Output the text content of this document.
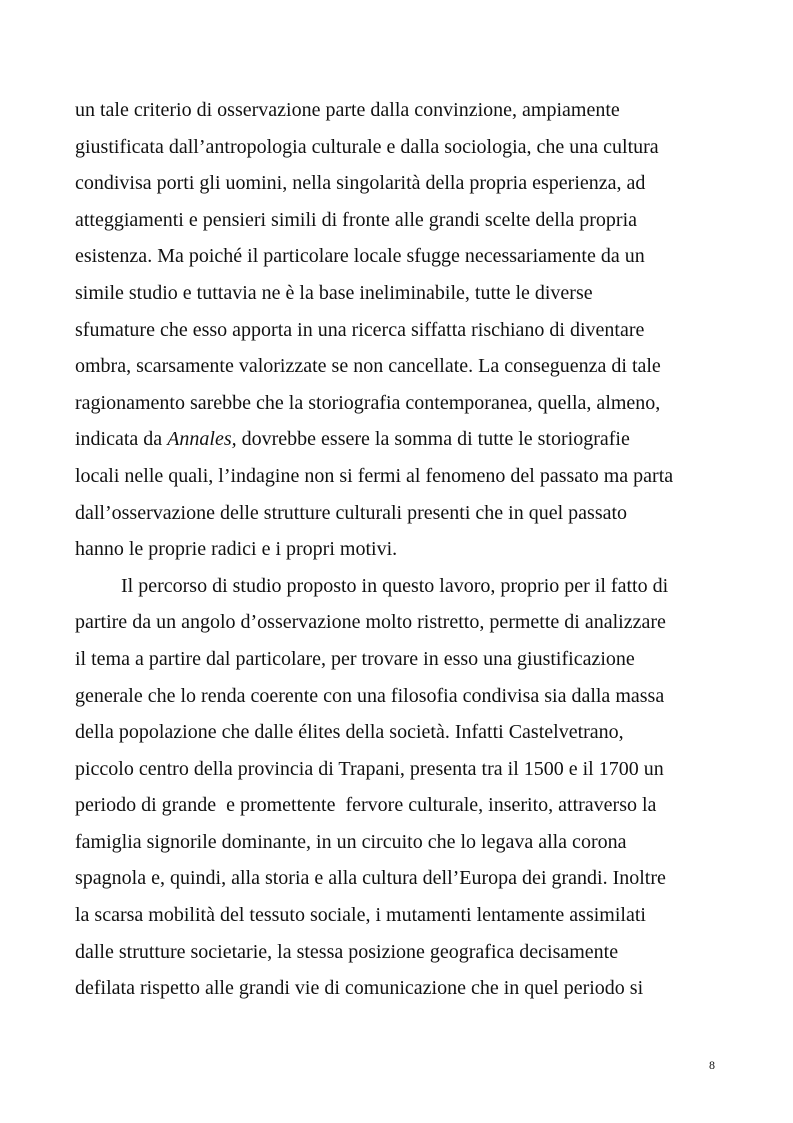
un tale criterio di osservazione parte dalla convinzione, ampiamente
giustificata dall’antropologia culturale e dalla sociologia, che una cultura
condivisa porti gli uomini, nella singolarità della propria esperienza, ad
atteggiamenti e pensieri simili di fronte alle grandi scelte della propria
esistenza. Ma poiché il particolare locale sfugge necessariamente da un
simile studio e tuttavia ne è la base ineliminabile, tutte le diverse
sfumature che esso apporta in una ricerca siffatta rischiano di diventare
ombra, scarsamente valorizzate se non cancellate. La conseguenza di tale
ragionamento sarebbe che la storiografia contemporanea, quella, almeno,
indicata da Annales, dovrebbe essere la somma di tutte le storiografie
locali nelle quali, l’indagine non si fermi al fenomeno del passato ma parta
dall’osservazione delle strutture culturali presenti che in quel passato
hanno le proprie radici e i propri motivi.
Il percorso di studio proposto in questo lavoro, proprio per il fatto di
partire da un angolo d’osservazione molto ristretto, permette di analizzare
il tema a partire dal particolare, per trovare in esso una giustificazione
generale che lo renda coerente con una filosofia condivisa sia dalla massa
della popolazione che dalle élites della società. Infatti Castelvetrano,
piccolo centro della provincia di Trapani, presenta tra il 1500 e il 1700 un
periodo di grande  e promettente  fervore culturale, inserito, attraverso la
famiglia signorile dominante, in un circuito che lo legava alla corona
spagnola e, quindi, alla storia e alla cultura dell’Europa dei grandi. Inoltre
la scarsa mobilità del tessuto sociale, i mutamenti lentamente assimilati
dalle strutture societarie, la stessa posizione geografica decisamente
defilata rispetto alle grandi vie di comunicazione che in quel periodo si
8
